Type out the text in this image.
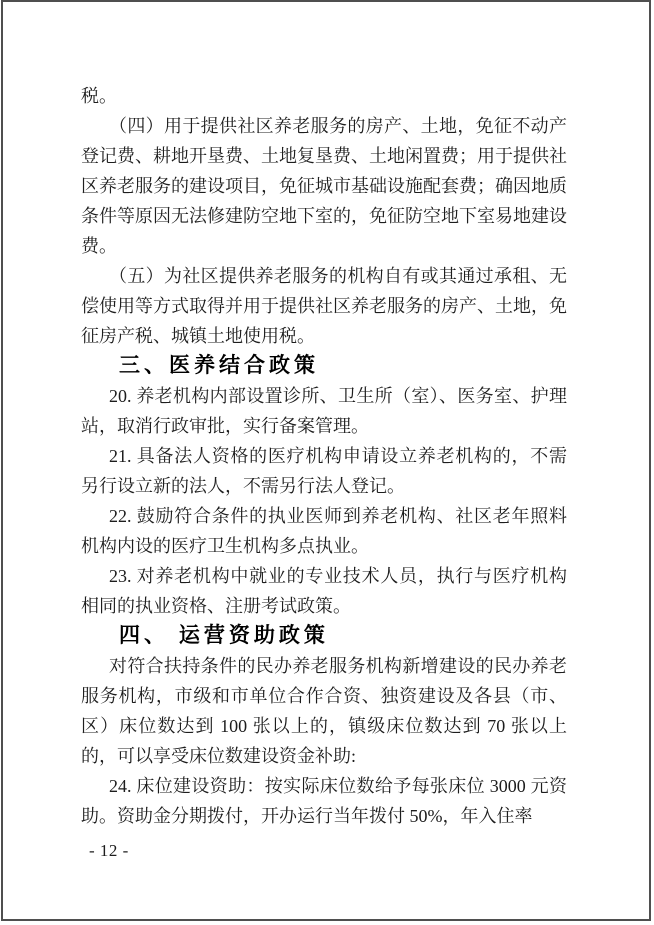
税。

（四）用于提供社区养老服务的房产、土地，免征不动产登记费、耕地开垦费、土地复垦费、土地闲置费；用于提供社区养老服务的建设项目，免征城市基础设施配套费；确因地质条件等原因无法修建防空地下室的，免征防空地下室易地建设费。

（五）为社区提供养老服务的机构自有或其通过承租、无偿使用等方式取得并用于提供社区养老服务的房产、土地，免征房产税、城镇土地使用税。

三、医养结合政策

20. 养老机构内部设置诊所、卫生所（室）、医务室、护理站，取消行政审批，实行备案管理。

21. 具备法人资格的医疗机构申请设立养老机构的，不需另行设立新的法人，不需另行法人登记。

22. 鼓励符合条件的执业医师到养老机构、社区老年照料机构内设的医疗卫生机构多点执业。

23. 对养老机构中就业的专业技术人员，执行与医疗机构相同的执业资格、注册考试政策。

四、 运营资助政策

对符合扶持条件的民办养老服务机构新增建设的民办养老服务机构，市级和市单位合作合资、独资建设及各县（市、区）床位数达到 100 张以上的，镇级床位数达到 70 张以上的，可以享受床位数建设资金补助:

24. 床位建设资助：按实际床位数给予每张床位 3000 元资助。资助金分期拨付，开办运行当年拨付 50%，年入住率

- 12 -
